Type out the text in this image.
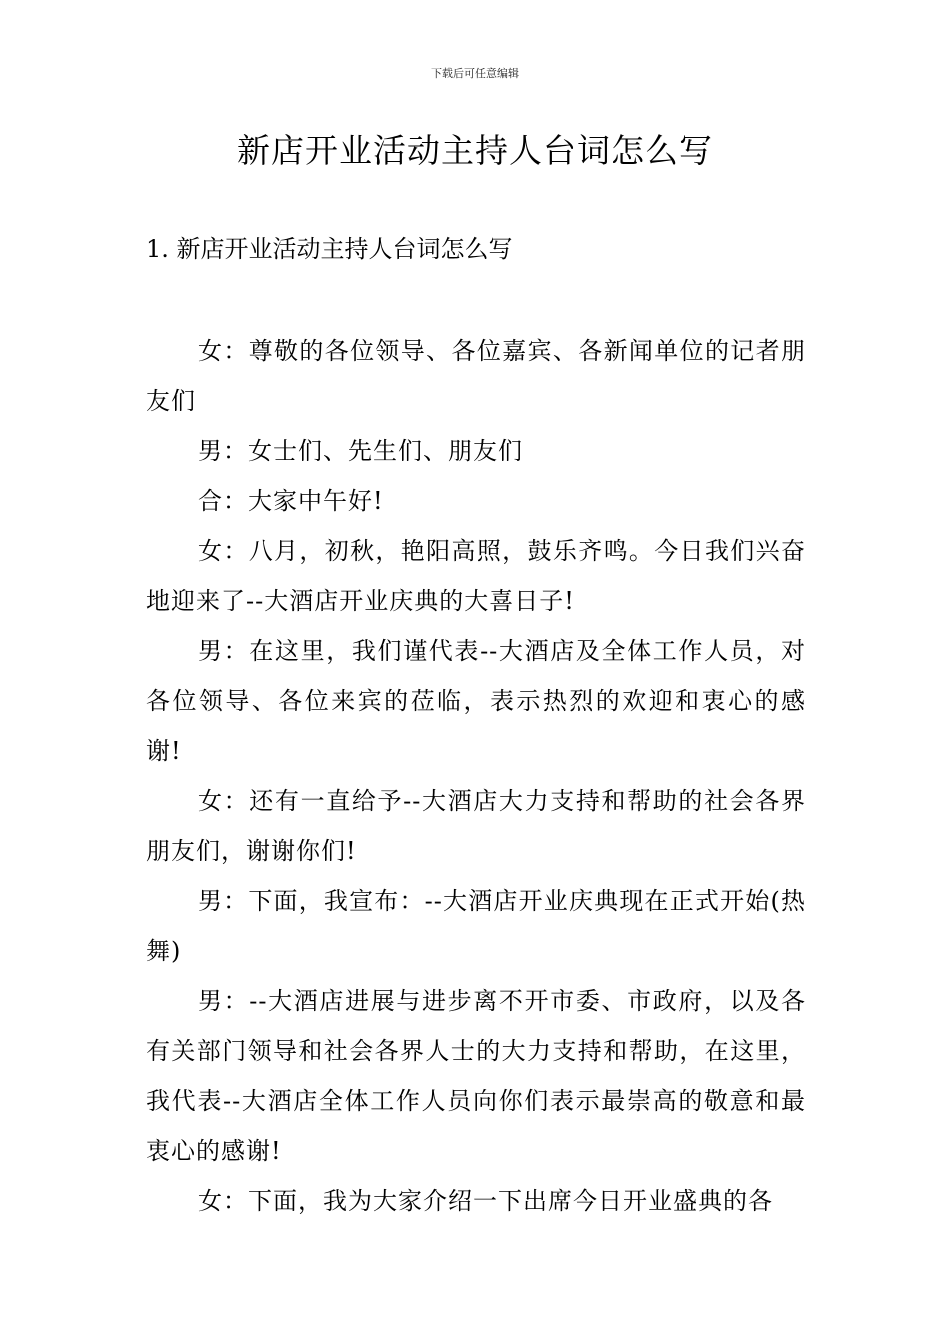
下载后可任意编辑
新店开业活动主持人台词怎么写
1. 新店开业活动主持人台词怎么写

女：尊敬的各位领导、各位嘉宾、各新闻单位的记者朋友们

男：女士们、先生们、朋友们

合：大家中午好!

女：八月，初秋，艳阳高照，鼓乐齐鸣。今日我们兴奋地迎来了--大酒店开业庆典的大喜日子!

男：在这里，我们谨代表--大酒店及全体工作人员，对各位领导、各位来宾的莅临，表示热烈的欢迎和衷心的感谢!

女：还有一直给予--大酒店大力支持和帮助的社会各界朋友们，谢谢你们!

男：下面，我宣布：--大酒店开业庆典现在正式开始(热舞)

男：--大酒店进展与进步离不开市委、市政府，以及各有关部门领导和社会各界人士的大力支持和帮助，在这里，我代表--大酒店全体工作人员向你们表示最崇高的敬意和最衷心的感谢!

女：下面，我为大家介绍一下出席今日开业盛典的各
